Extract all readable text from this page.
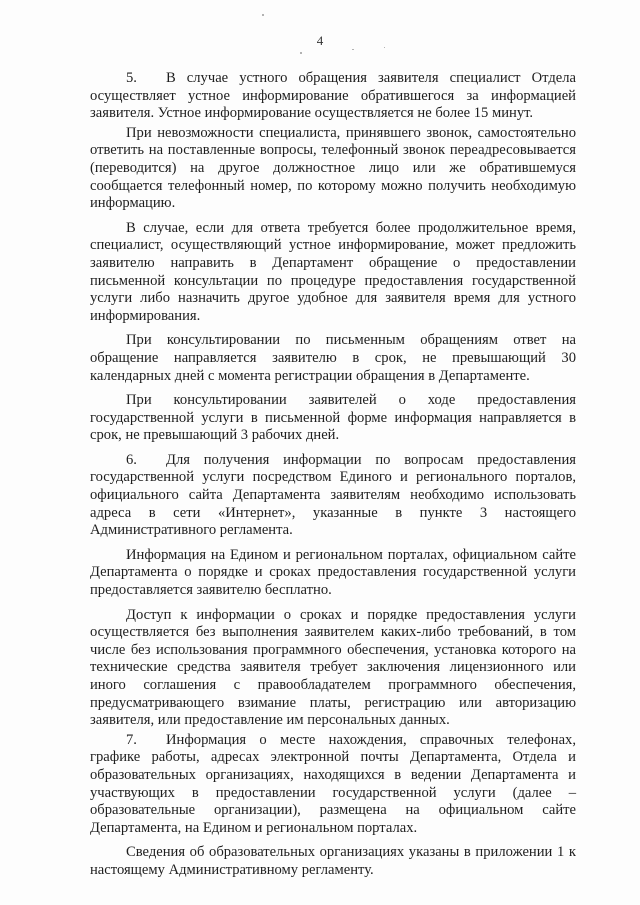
4

5. В случае устного обращения заявителя специалист Отдела осуществляет устное информирование обратившегося за информацией заявителя. Устное информирование осуществляется не более 15 минут.

При невозможности специалиста, принявшего звонок, самостоятельно ответить на поставленные вопросы, телефонный звонок переадресовывается (переводится) на другое должностное лицо или же обратившемуся сообщается телефонный номер, по которому можно получить необходимую информацию.

В случае, если для ответа требуется более продолжительное время, специалист, осуществляющий устное информирование, может предложить заявителю направить в Департамент обращение о предоставлении письменной консультации по процедуре предоставления государственной услуги либо назначить другое удобное для заявителя время для устного информирования.

При консультировании по письменным обращениям ответ на обращение направляется заявителю в срок, не превышающий 30 календарных дней с момента регистрации обращения в Департаменте.

При консультировании заявителей о ходе предоставления государственной услуги в письменной форме информация направляется в срок, не превышающий 3 рабочих дней.

6. Для получения информации по вопросам предоставления государственной услуги посредством Единого и регионального порталов, официального сайта Департамента заявителям необходимо использовать адреса в сети «Интернет», указанные в пункте 3 настоящего Административного регламента.

Информация на Едином и региональном порталах, официальном сайте Департамента о порядке и сроках предоставления государственной услуги предоставляется заявителю бесплатно.

Доступ к информации о сроках и порядке предоставления услуги осуществляется без выполнения заявителем каких-либо требований, в том числе без использования программного обеспечения, установка которого на технические средства заявителя требует заключения лицензионного или иного соглашения с правообладателем программного обеспечения, предусматривающего взимание платы, регистрацию или авторизацию заявителя, или предоставление им персональных данных.

7. Информация о месте нахождения, справочных телефонах, графике работы, адресах электронной почты Департамента, Отдела и образовательных организациях, находящихся в ведении Департамента и участвующих в предоставлении государственной услуги (далее – образовательные организации), размещена на официальном сайте Департамента, на Едином и региональном порталах.

Сведения об образовательных организациях указаны в приложении 1 к настоящему Административному регламенту.
